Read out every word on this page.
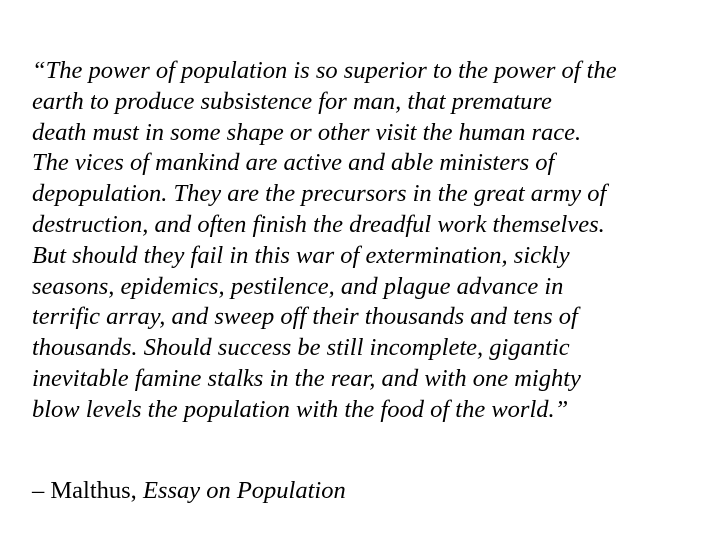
“The power of population is so superior to the power of the
earth to produce subsistence for man, that premature
death must in some shape or other visit the human race.
The vices of mankind are active and able ministers of
depopulation. They are the precursors in the great army of
destruction, and often finish the dreadful work themselves.
But should they fail in this war of extermination, sickly
seasons, epidemics, pestilence, and plague advance in
terrific array, and sweep off their thousands and tens of
thousands. Should success be still incomplete, gigantic
inevitable famine stalks in the rear, and with one mighty
blow levels the population with the food of the world.”

– Malthus, Essay on Population
